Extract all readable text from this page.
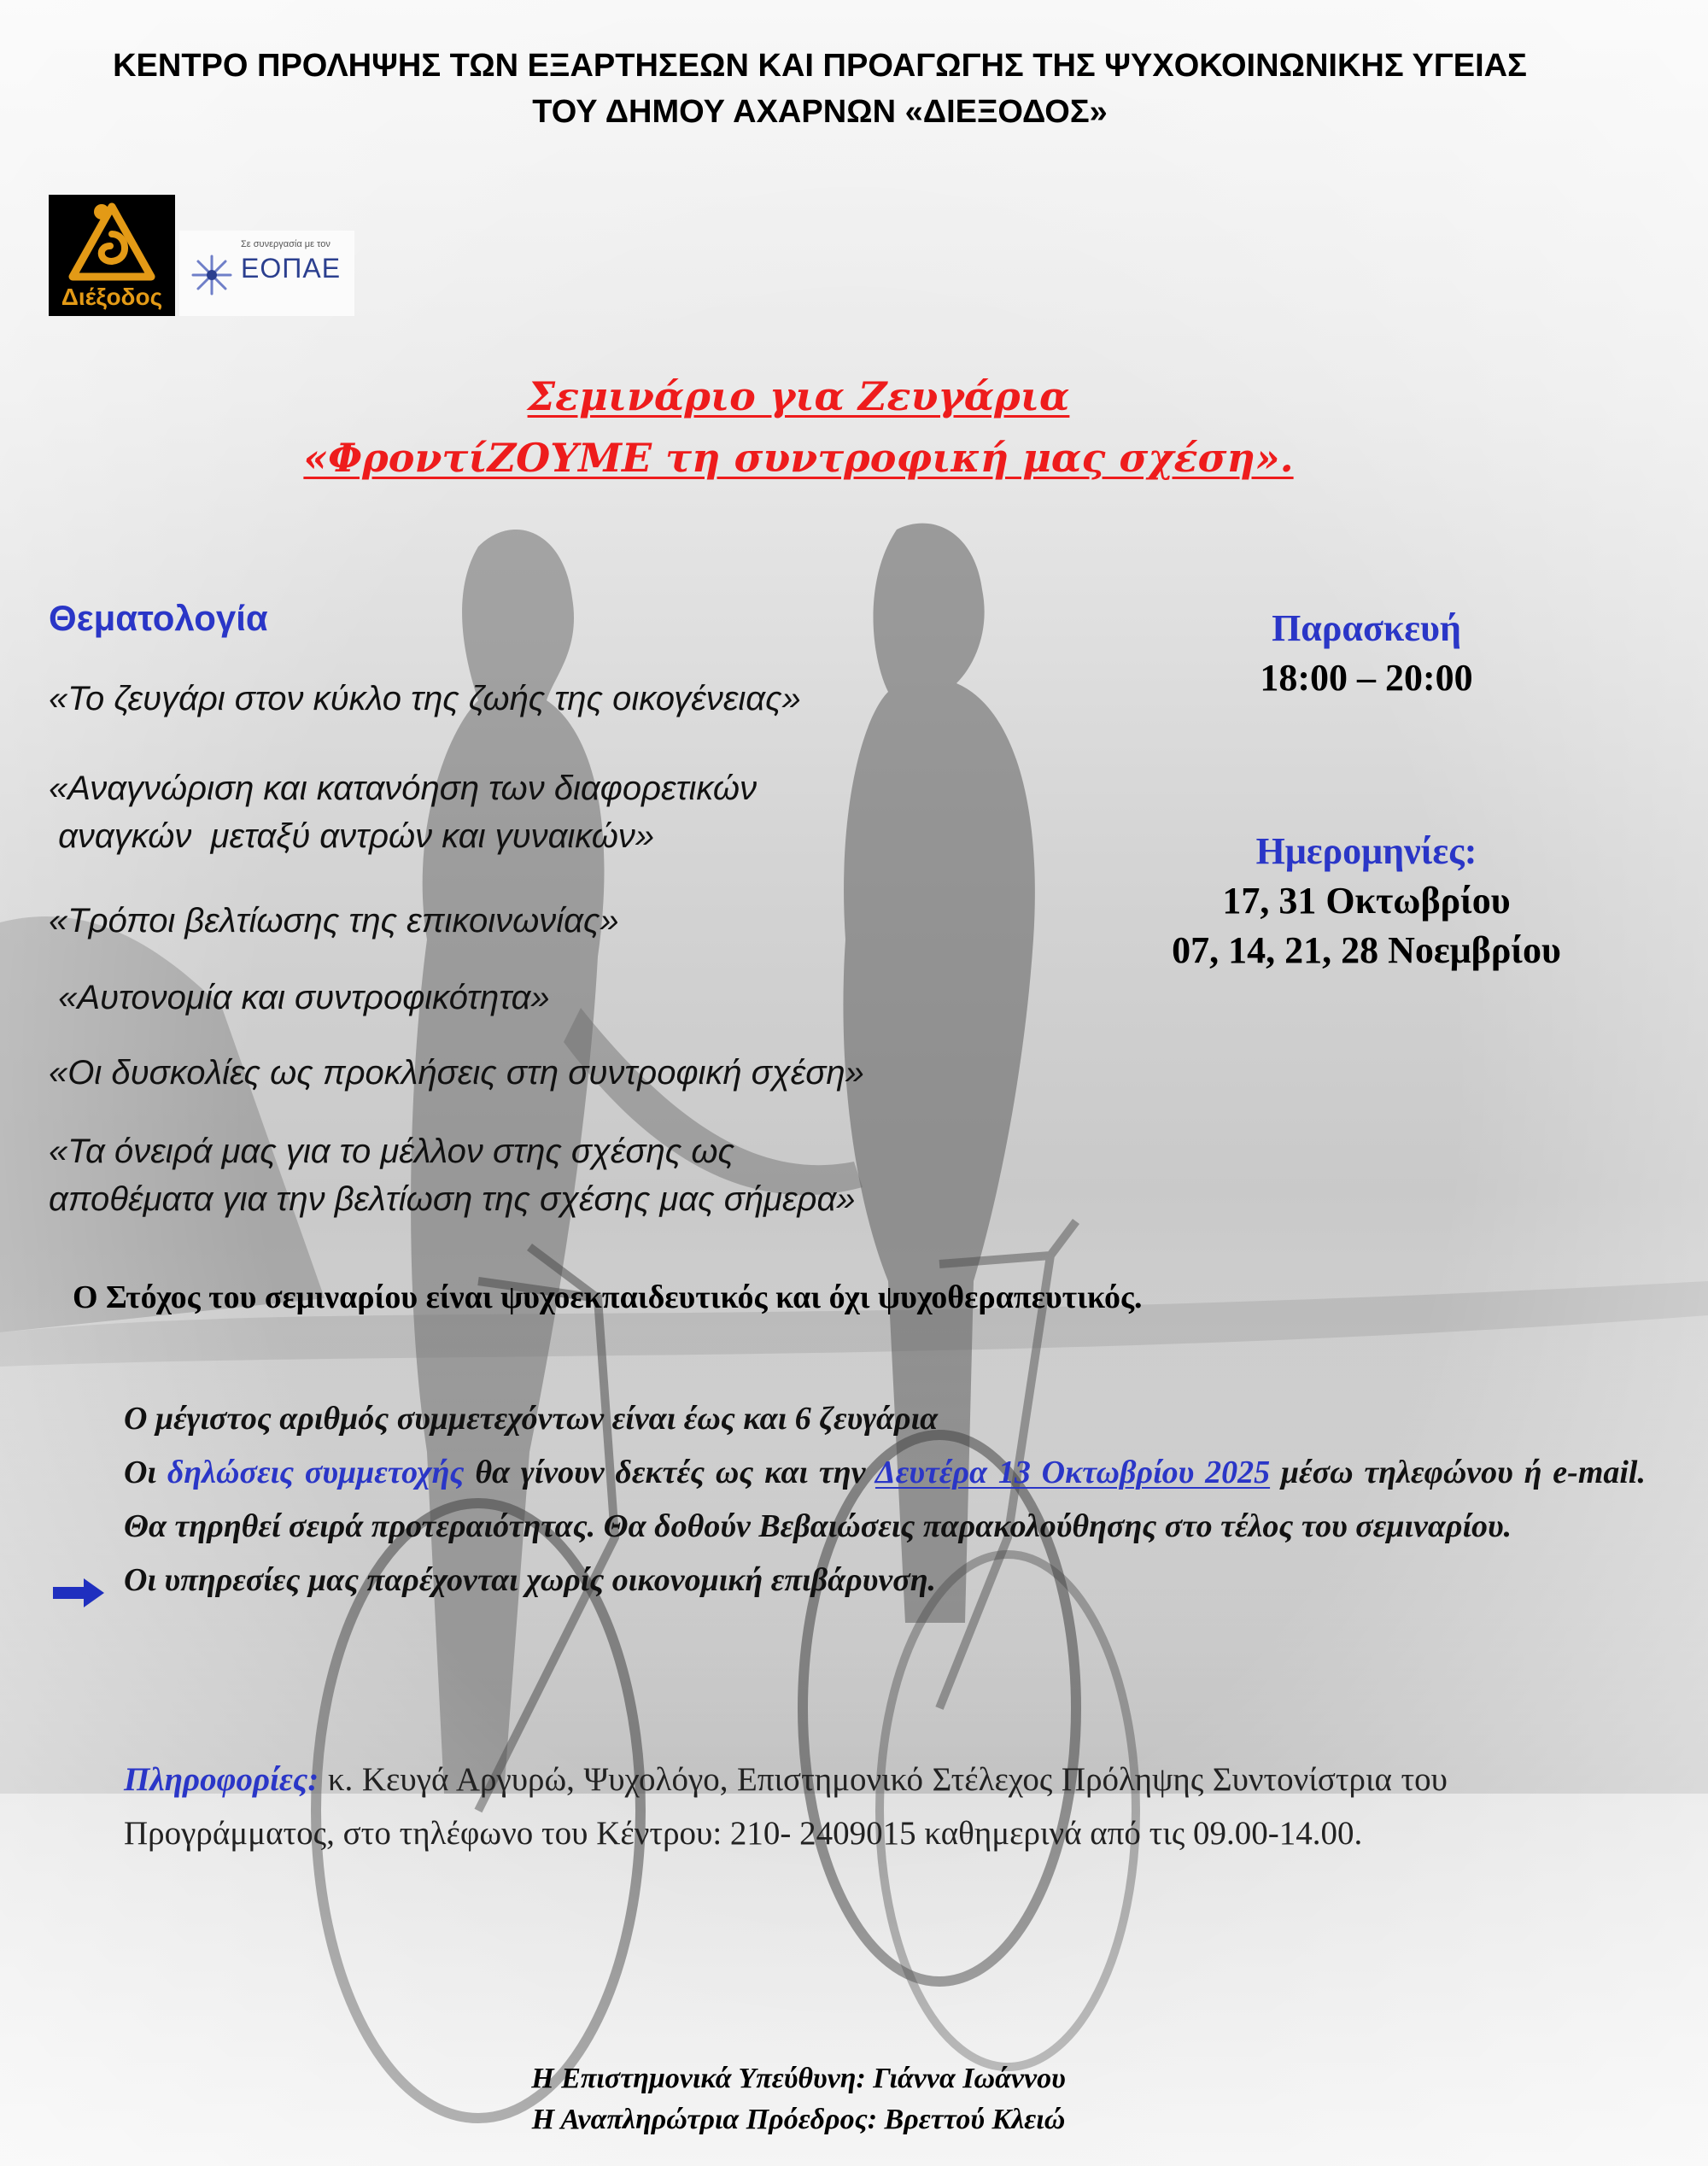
ΚΕΝΤΡΟ ΠΡΟΛΗΨΗΣ ΤΩΝ ΕΞΑΡΤΗΣΕΩΝ ΚΑΙ ΠΡΟΑΓΩΓΗΣ ΤΗΣ ΨΥΧΟΚΟΙΝΩΝΙΚΗΣ ΥΓΕΙΑΣ
ΤΟΥ ΔΗΜΟΥ ΑΧΑΡΝΩΝ «ΔΙΕΞΟΔΟΣ»
Διέξοδος
Σε συνεργασία με τον
ΕΟΠΑΕ
Σεμινάριο για Ζευγάρια
«ΦροντίΖΟΥΜΕ τη συντροφική μας σχέση».
Θεματολογία
«Το ζευγάρι στον κύκλο της ζωής της οικογένειας»
«Αναγνώριση και κατανόηση των διαφορετικών
αναγκών  μεταξύ αντρών και γυναικών»
«Τρόποι βελτίωσης της επικοινωνίας»
«Αυτονομία και συντροφικότητα»
«Οι δυσκολίες ως προκλήσεις στη συντροφική σχέση»
«Τα όνειρά μας για το μέλλον στης σχέσης ως
αποθέματα για την βελτίωση της σχέσης μας σήμερα»
Παρασκευή
18:00 – 20:00
Ημερομηνίες:
17, 31 Οκτωβρίου
07, 14, 21, 28 Νοεμβρίου
Ο Στόχος του σεμιναρίου είναι ψυχοεκπαιδευτικός και όχι ψυχοθεραπευτικός.

Ο μέγιστος αριθμός συμμετεχόντων είναι έως και 6 ζευγάρια

Οι δηλώσεις συμμετοχής θα γίνουν δεκτές ως και την Δευτέρα 13 Οκτωβρίου 2025 μέσω τηλεφώνου ή e-mail. Θα τηρηθεί σειρά προτεραιότητας. Θα δοθούν Βεβαιώσεις παρακολούθησης στο τέλος του σεμιναρίου.

Οι υπηρεσίες μας παρέχονται χωρίς οικονομική επιβάρυνση.

Πληροφορίες: κ. Κευγά Αργυρώ, Ψυχολόγο, Επιστημονικό Στέλεχος Πρόληψης Συντονίστρια του Προγράμματος, στο τηλέφωνο του Κέντρου: 210- 2409015 καθημερινά από τις 09.00-14.00.

Η Επιστημονικά Υπεύθυνη: Γιάννα Ιωάννου
Η Αναπληρώτρια Πρόεδρος: Βρεττού Κλειώ
